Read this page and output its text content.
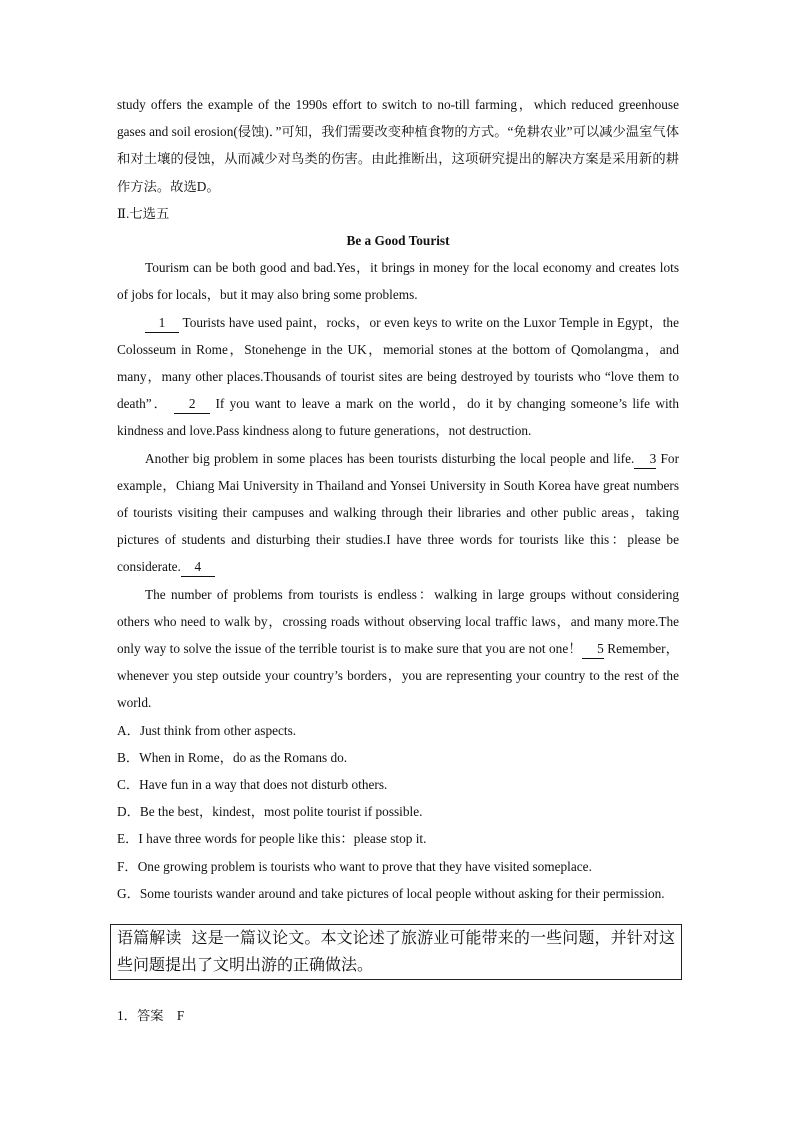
study offers the example of the 1990s effort to switch to no-till farming，which reduced greenhouse gases and soil erosion(侵蚀)．”可知，我们需要改变种植食物的方式。“免耕农业”可以减少温室气体和对土壤的侵蚀，从而减少对鸟类的伤害。由此推断出，这项研究提出的解决方案是采用新的耕作方法。故选D。

Ⅱ.七选五

Be a Good Tourist

Tourism can be both good and bad.Yes，it brings in money for the local economy and creates lots of jobs for locals，but it may also bring some problems.

1 Tourists have used paint，rocks，or even keys to write on the Luxor Temple in Egypt，the Colosseum in Rome，Stonehenge in the UK，memorial stones at the bottom of Qomolangma，and many，many other places.Thousands of tourist sites are being destroyed by tourists who “love them to death”． 2 If you want to leave a mark on the world，do it by changing someone’s life with kindness and love.Pass kindness along to future generations，not destruction.

Another big problem in some places has been tourists disturbing the local people and life. 3 For example，Chiang Mai University in Thailand and Yonsei University in South Korea have great numbers of tourists visiting their campuses and walking through their libraries and other public areas，taking pictures of students and disturbing their studies.I have three words for tourists like this：please be considerate. 4

The number of problems from tourists is endless：walking in large groups without considering others who need to walk by，crossing roads without observing local traffic laws，and many more.The only way to solve the issue of the terrible tourist is to make sure that you are not one！ 5 Remember，whenever you step outside your country’s borders，you are representing your country to the rest of the world.

A．Just think from other aspects.

B．When in Rome，do as the Romans do.

C．Have fun in a way that does not disturb others.

D．Be the best，kindest，most polite tourist if possible.

E．I have three words for people like this：please stop it.

F．One growing problem is tourists who want to prove that they have visited someplace.

G．Some tourists wander around and take pictures of local people without asking for their permission.

语篇解读 这是一篇议论文。本文论述了旅游业可能带来的一些问题，并针对这些问题提出了文明出游的正确做法。

1．答案　F
